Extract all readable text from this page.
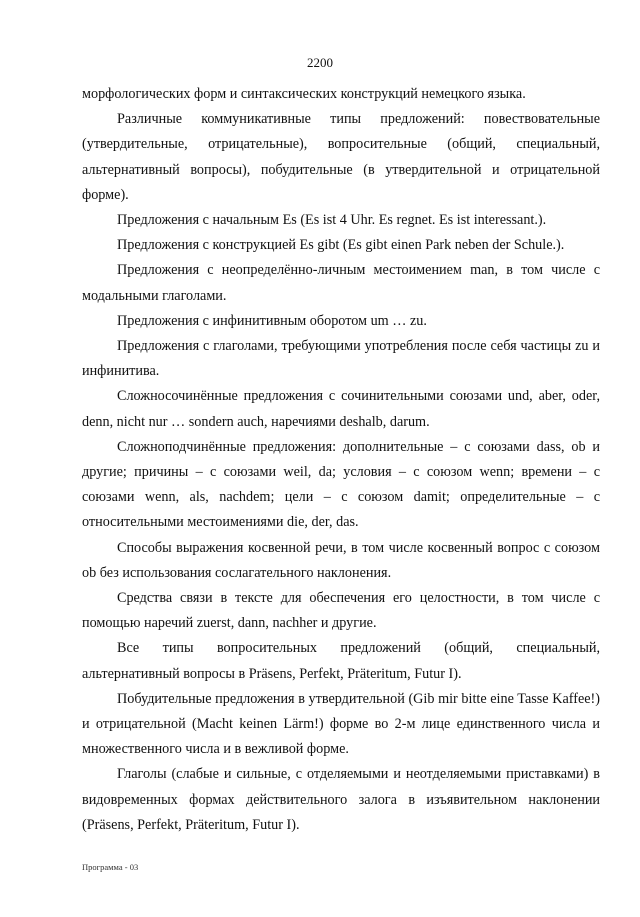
2200

морфологических форм и синтаксических конструкций немецкого языка.

Различные коммуникативные типы предложений: повествовательные (утвердительные, отрицательные), вопросительные (общий, специальный, альтернативный вопросы), побудительные (в утвердительной и отрицательной форме).

Предложения с начальным Es (Es ist 4 Uhr. Es regnet. Es ist interessant.).

Предложения с конструкцией Es gibt (Es gibt einen Park neben der Schule.).

Предложения с неопределённо-личным местоимением man, в том числе с модальными глаголами.

Предложения с инфинитивным оборотом um … zu.

Предложения с глаголами, требующими употребления после себя частицы zu и инфинитива.

Сложносочинённые предложения с сочинительными союзами und, aber, oder, denn, nicht nur … sondern auch, наречиями deshalb, darum.

Сложноподчинённые предложения: дополнительные – с союзами dass, ob и другие; причины – с союзами weil, da; условия – с союзом wenn; времени – с союзами wenn, als, nachdem; цели – с союзом damit; определительные – с относительными местоимениями die, der, das.

Способы выражения косвенной речи, в том числе косвенный вопрос с союзом ob без использования сослагательного наклонения.

Средства связи в тексте для обеспечения его целостности, в том числе с помощью наречий zuerst, dann, nachher и другие.

Все типы вопросительных предложений (общий, специальный, альтернативный вопросы в Präsens, Perfekt, Präteritum, Futur I).

Побудительные предложения в утвердительной (Gib mir bitte eine Tasse Kaffee!) и отрицательной (Macht keinen Lärm!) форме во 2-м лице единственного числа и множественного числа и в вежливой форме.

Глаголы (слабые и сильные, с отделяемыми и неотделяемыми приставками) в видовременных формах действительного залога в изъявительном наклонении (Präsens, Perfekt, Präteritum, Futur I).

Программа - 03
